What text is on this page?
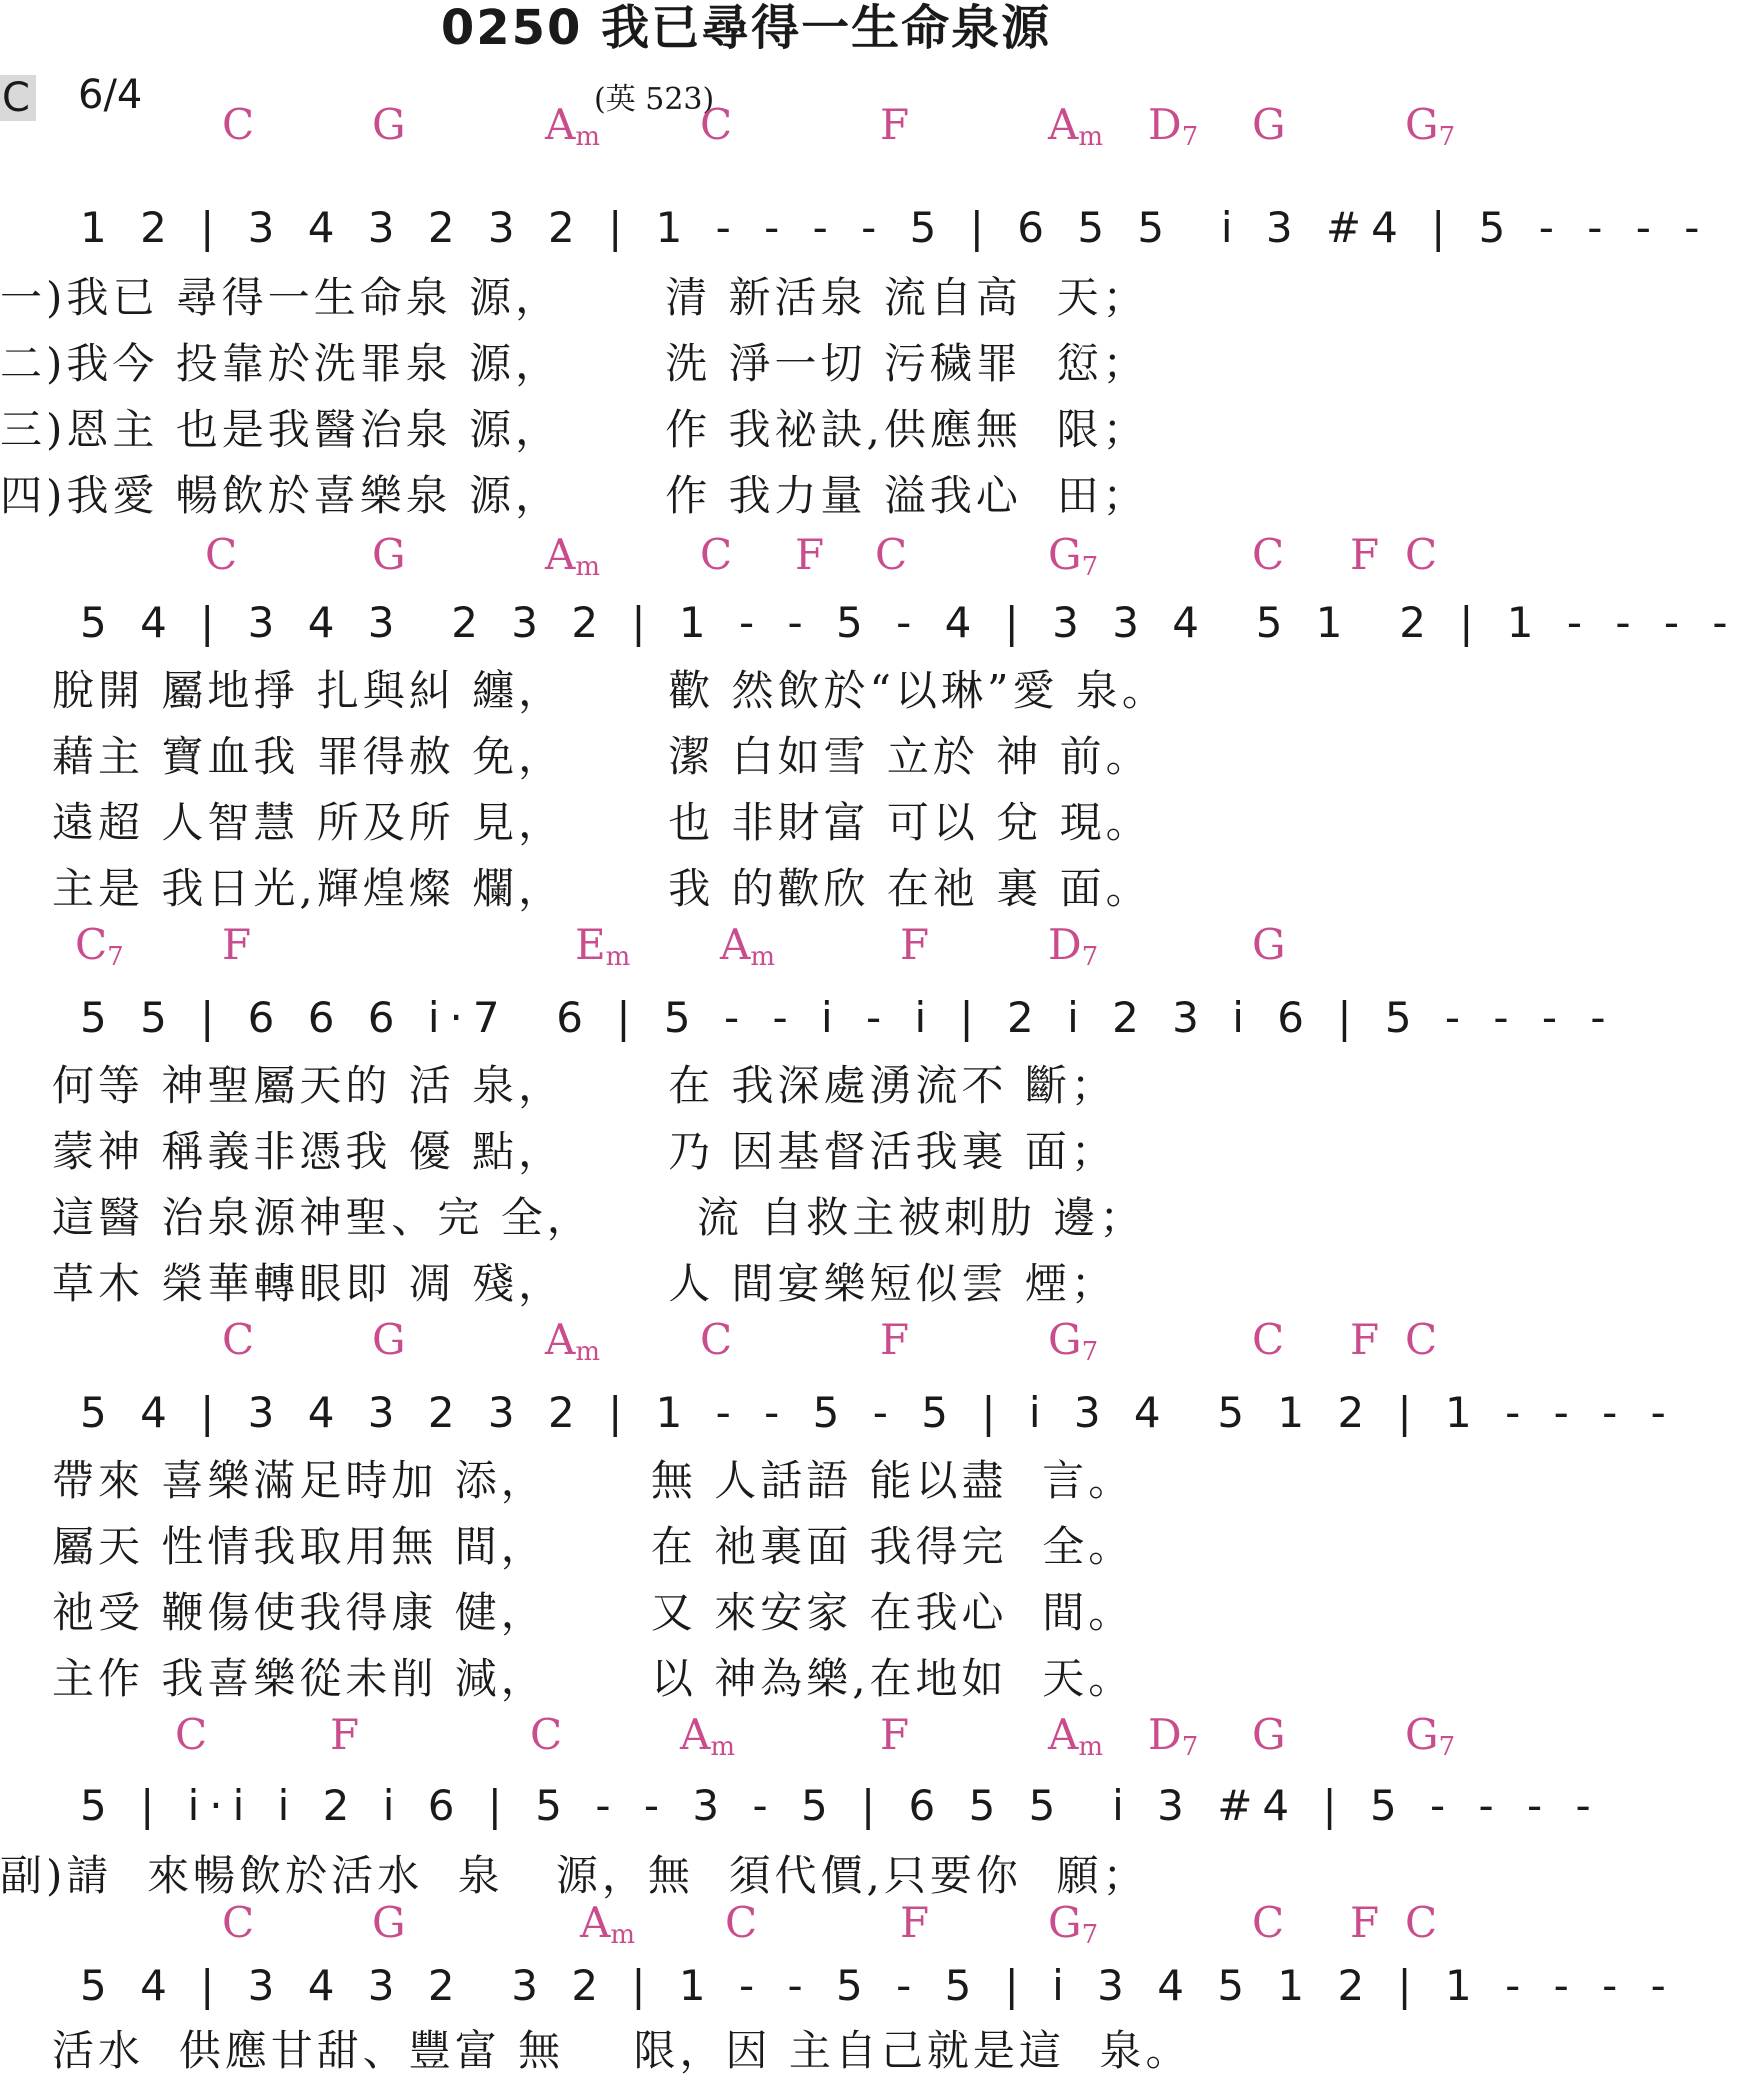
0250 我已尋得一生命泉源
C 6/4	(英 523)
C	G	$A_m$ C	F	$A_m$ $D_7$ G	$G_7$
1 2 | 3 4 3 2 3 2 | 1 - - - - 5 | 6 5 5  i 3 #4 | 5 - - - -
一)我已 尋得一生命泉 源，      清 新活泉 流自高  天；
二)我今 投靠於洗罪泉 源，      洗 淨一切 污穢罪  愆；
三)恩主 也是我醫治泉 源，      作 我祕訣,供應無  限；
四)我愛 暢飲於喜樂泉 源，      作 我力量 溢我心  田；
C	G	$A_m$ C F C	$G_7$	C F C
5 4 | 3 4 3  2 3 2 | 1 - - 5 - 4 | 3 3 4  5 1  2 | 1 - - - -
脫開 屬地掙 扎與糾 纏，      歡 然飲於“以琳”愛 泉。
藉主 寶血我 罪得赦 免，      潔 白如雪 立於 神 前。
遠超 人智慧 所及所 見，      也 非財富 可以 兌 現。
主是 我日光,輝煌燦 爛，      我 的歡欣 在祂 裏 面。
$C_7$ F	$E_m$ $A_m$	F	$D_7$	G
5 5 | 6 6 6 i·7  6 | 5 - - i - i | 2 i 2 3 i 6 | 5 - - - -
何等 神聖屬天的 活 泉，      在 我深處湧流不 斷；
蒙神 稱義非憑我 優 點，      乃 因基督活我裏 面；
這醫 治泉源神聖、完 全，      流 自救主被刺肋 邊；
草木 榮華轉眼即 凋 殘，      人 間宴樂短似雲 煙；
C	G	$A_m$ C	F	$G_7$	C F C
5 4 | 3 4 3 2 3 2 | 1 - - 5 - 5 | i 3 4  5 1 2 | 1 - - - -
帶來 喜樂滿足時加 添，      無 人話語 能以盡  言。
屬天 性情我取用無 間，      在 祂裏面 我得完  全。
祂受 鞭傷使我得康 健，      又 來安家 在我心  間。
主作 我喜樂從未削 減，      以 神為樂,在地如  天。
C	F	C	$A_m$	F	$A_m$ $D_7$ G	$G_7$
5 | i·i i 2 i 6 | 5 - - 3 - 5 | 6 5 5  i 3 #4 | 5 - - - -
副)請  來暢飲於活水  泉   源，無  須代價,只要你  願；
C	G	$A_m$ C	F	$G_7$	C F C
5 4 | 3 4 3 2  3 2 | 1 - - 5 - 5 | i 3 4 5 1 2 | 1 - - - -
活水  供應甘甜、豐富 無    限，因 主自己就是這  泉。
